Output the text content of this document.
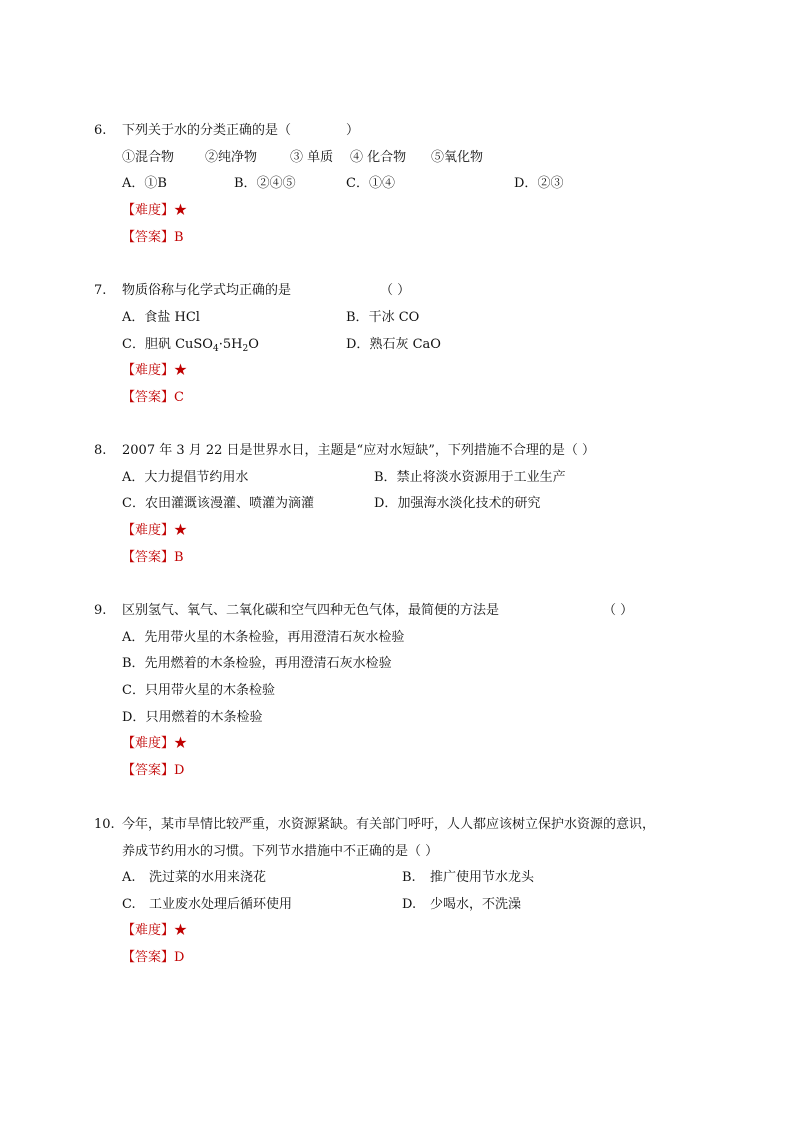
6. 下列关于水的分类正确的是（	）
①混合物 ②纯净物	③ 单质 ④ 化合物 ⑤氧化物
A．①B	B．②④⑤	C．①④	D．②③
【难度】★
【答案】B
7. 物质俗称与化学式均正确的是	（ ）
A．食盐 HCl	B．干冰 CO
C．胆矾 $CuSO_4\cdot 5H_2O$	D．熟石灰 CaO
【难度】★
【答案】C
8. 2007 年 3 月 22 日是世界水日，主题是“应对水短缺”，下列措施不合理的是（ ）
A．大力提倡节约用水	B．禁止将淡水资源用于工业生产
C．农田灌溉该漫灌、喷灌为滴灌	D．加强海水淡化技术的研究
【难度】★
【答案】B
9. 区别氢气、氧气、二氧化碳和空气四种无色气体，最简便的方法是	（ ）
A．先用带火星的木条检验，再用澄清石灰水检验
B．先用燃着的木条检验，再用澄清石灰水检验
C．只用带火星的木条检验
D．只用燃着的木条检验
【难度】★
【答案】D
10. 今年，某市旱情比较严重，水资源紧缺。有关部门呼吁，人人都应该树立保护水资源的意识，
养成节约用水的习惯。下列节水措施中不正确的是（ ）
A. 洗过菜的水用来浇花	B. 推广使用节水龙头
C. 工业废水处理后循环使用	D. 少喝水，不洗澡
【难度】★
【答案】D
